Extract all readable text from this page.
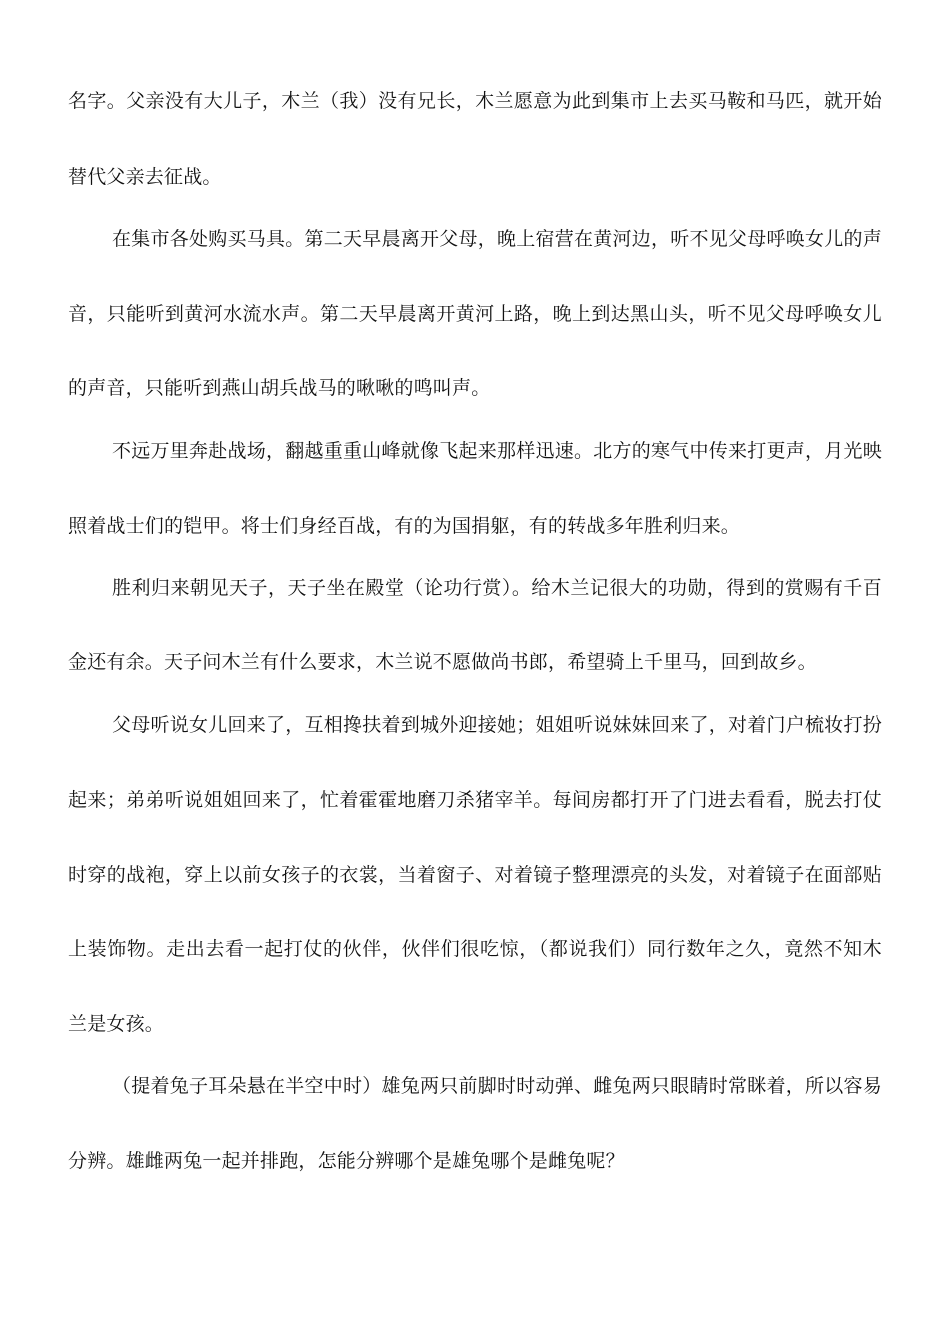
名字。父亲没有大儿子，木兰（我）没有兄长，木兰愿意为此到集市上去买马鞍和马匹，就开始
替代父亲去征战。
在集市各处购买马具。第二天早晨离开父母，晚上宿营在黄河边，听不见父母呼唤女儿的声
音，只能听到黄河水流水声。第二天早晨离开黄河上路，晚上到达黑山头，听不见父母呼唤女儿
的声音，只能听到燕山胡兵战马的啾啾的鸣叫声。
不远万里奔赴战场，翻越重重山峰就像飞起来那样迅速。北方的寒气中传来打更声，月光映
照着战士们的铠甲。将士们身经百战，有的为国捐躯，有的转战多年胜利归来。
胜利归来朝见天子，天子坐在殿堂（论功行赏）。给木兰记很大的功勋，得到的赏赐有千百
金还有余。天子问木兰有什么要求，木兰说不愿做尚书郎，希望骑上千里马，回到故乡。
父母听说女儿回来了，互相搀扶着到城外迎接她；姐姐听说妹妹回来了，对着门户梳妆打扮
起来；弟弟听说姐姐回来了，忙着霍霍地磨刀杀猪宰羊。每间房都打开了门进去看看，脱去打仗
时穿的战袍，穿上以前女孩子的衣裳，当着窗子、对着镜子整理漂亮的头发，对着镜子在面部贴
上装饰物。走出去看一起打仗的伙伴，伙伴们很吃惊，（都说我们）同行数年之久，竟然不知木
兰是女孩。
（提着兔子耳朵悬在半空中时）雄兔两只前脚时时动弹、雌兔两只眼睛时常眯着，所以容易
分辨。雄雌两兔一起并排跑，怎能分辨哪个是雄兔哪个是雌兔呢？
